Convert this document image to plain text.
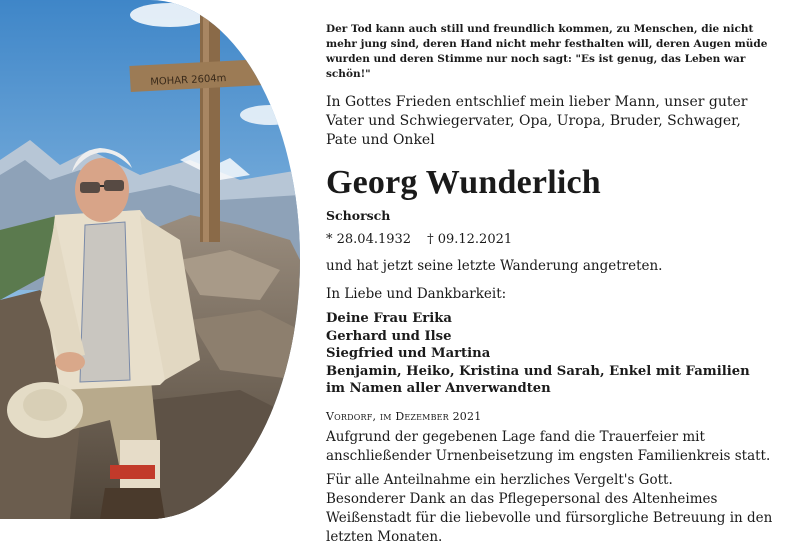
MOHAR 2604m

Der Tod kann auch still und freundlich kommen, zu Menschen, die nicht mehr jung sind, deren Hand nicht mehr festhalten will, deren Augen müde wurden und deren Stimme nur noch sagt: "Es ist genug, das Leben war schön!"

In Gottes Frieden entschlief mein lieber Mann, unser guter Vater und Schwiegervater, Opa, Uropa, Bruder, Schwager, Pate und Onkel

Georg Wunderlich

Schorsch

* 28.04.1932 † 09.12.2021

und hat jetzt seine letzte Wanderung angetreten.

In Liebe und Dankbarkeit:

Deine Frau Erika
Gerhard und Ilse
Siegfried und Martina
Benjamin, Heiko, Kristina und Sarah, Enkel mit Familien
im Namen aller Anverwandten

Vordorf, im Dezember 2021

Aufgrund der gegebenen Lage fand die Trauerfeier mit anschließender Urnenbeisetzung im engsten Familienkreis statt.

Für alle Anteilnahme ein herzliches Vergelt's Gott.

Besonderer Dank an das Pflegepersonal des Altenheimes Weißenstadt für die liebevolle und fürsorgliche Betreuung in den letzten Monaten.
